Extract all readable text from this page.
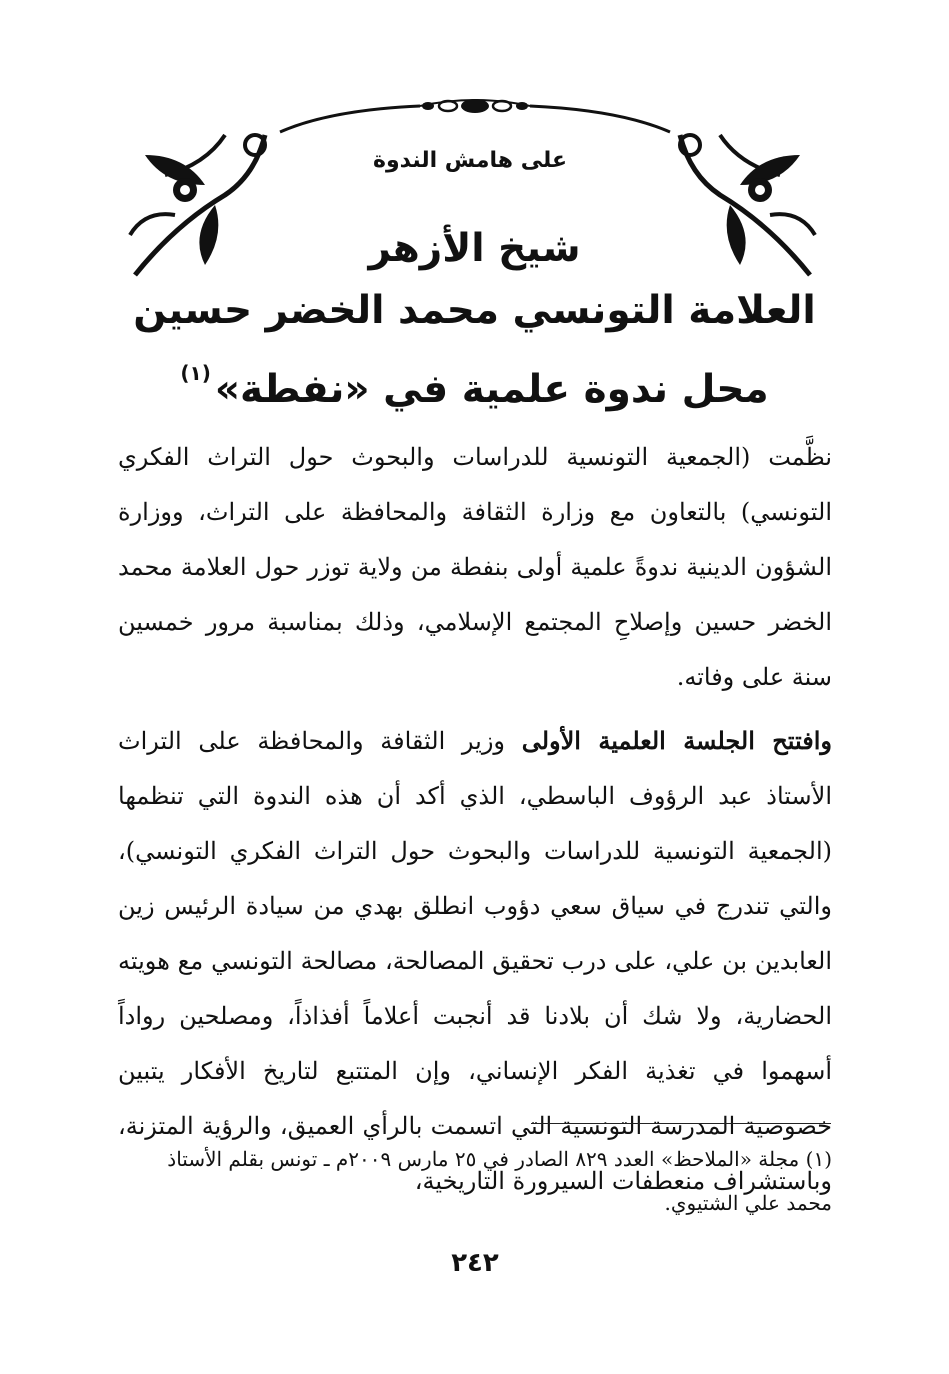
على هامش الندوة
شيخ الأزهر
العلامة التونسي محمد الخضر حسين
محل ندوة علمية في «نفطة»$^{(١)}$

نظَّمت (الجمعية التونسية للدراسات والبحوث حول التراث الفكري التونسي) بالتعاون مع وزارة الثقافة والمحافظة على التراث، ووزارة الشؤون الدينية ندوةً علمية أولى بنفطة من ولاية توزر حول العلامة محمد الخضر حسين وإصلاحِ المجتمع الإسلامي، وذلك بمناسبة مرور خمسين سنة على وفاته.

وافتتح الجلسة العلمية الأولى وزير الثقافة والمحافظة على التراث الأستاذ عبد الرؤوف الباسطي، الذي أكد أن هذه الندوة التي تنظمها (الجمعية التونسية للدراسات والبحوث حول التراث الفكري التونسي)، والتي تندرج في سياق سعي دؤوب انطلق بهدي من سيادة الرئيس زين العابدين بن علي، على درب تحقيق المصالحة، مصالحة التونسي مع هويته الحضارية، ولا شك أن بلادنا قد أنجبت أعلاماً أفذاذاً، ومصلحين رواداً أسهموا في تغذية الفكر الإنساني، وإن المتتبع لتاريخ الأفكار يتبين خصوصية المدرسة التونسية التي اتسمت بالرأي العميق، والرؤية المتزنة، وباستشراف منعطفات السيرورة التاريخية،

(١) مجلة «الملاحظ» العدد ٨٢٩ الصادر في ٢٥ مارس ٢٠٠٩م ـ تونس بقلم الأستاذ محمد علي الشتيوي.
٢٤٢
